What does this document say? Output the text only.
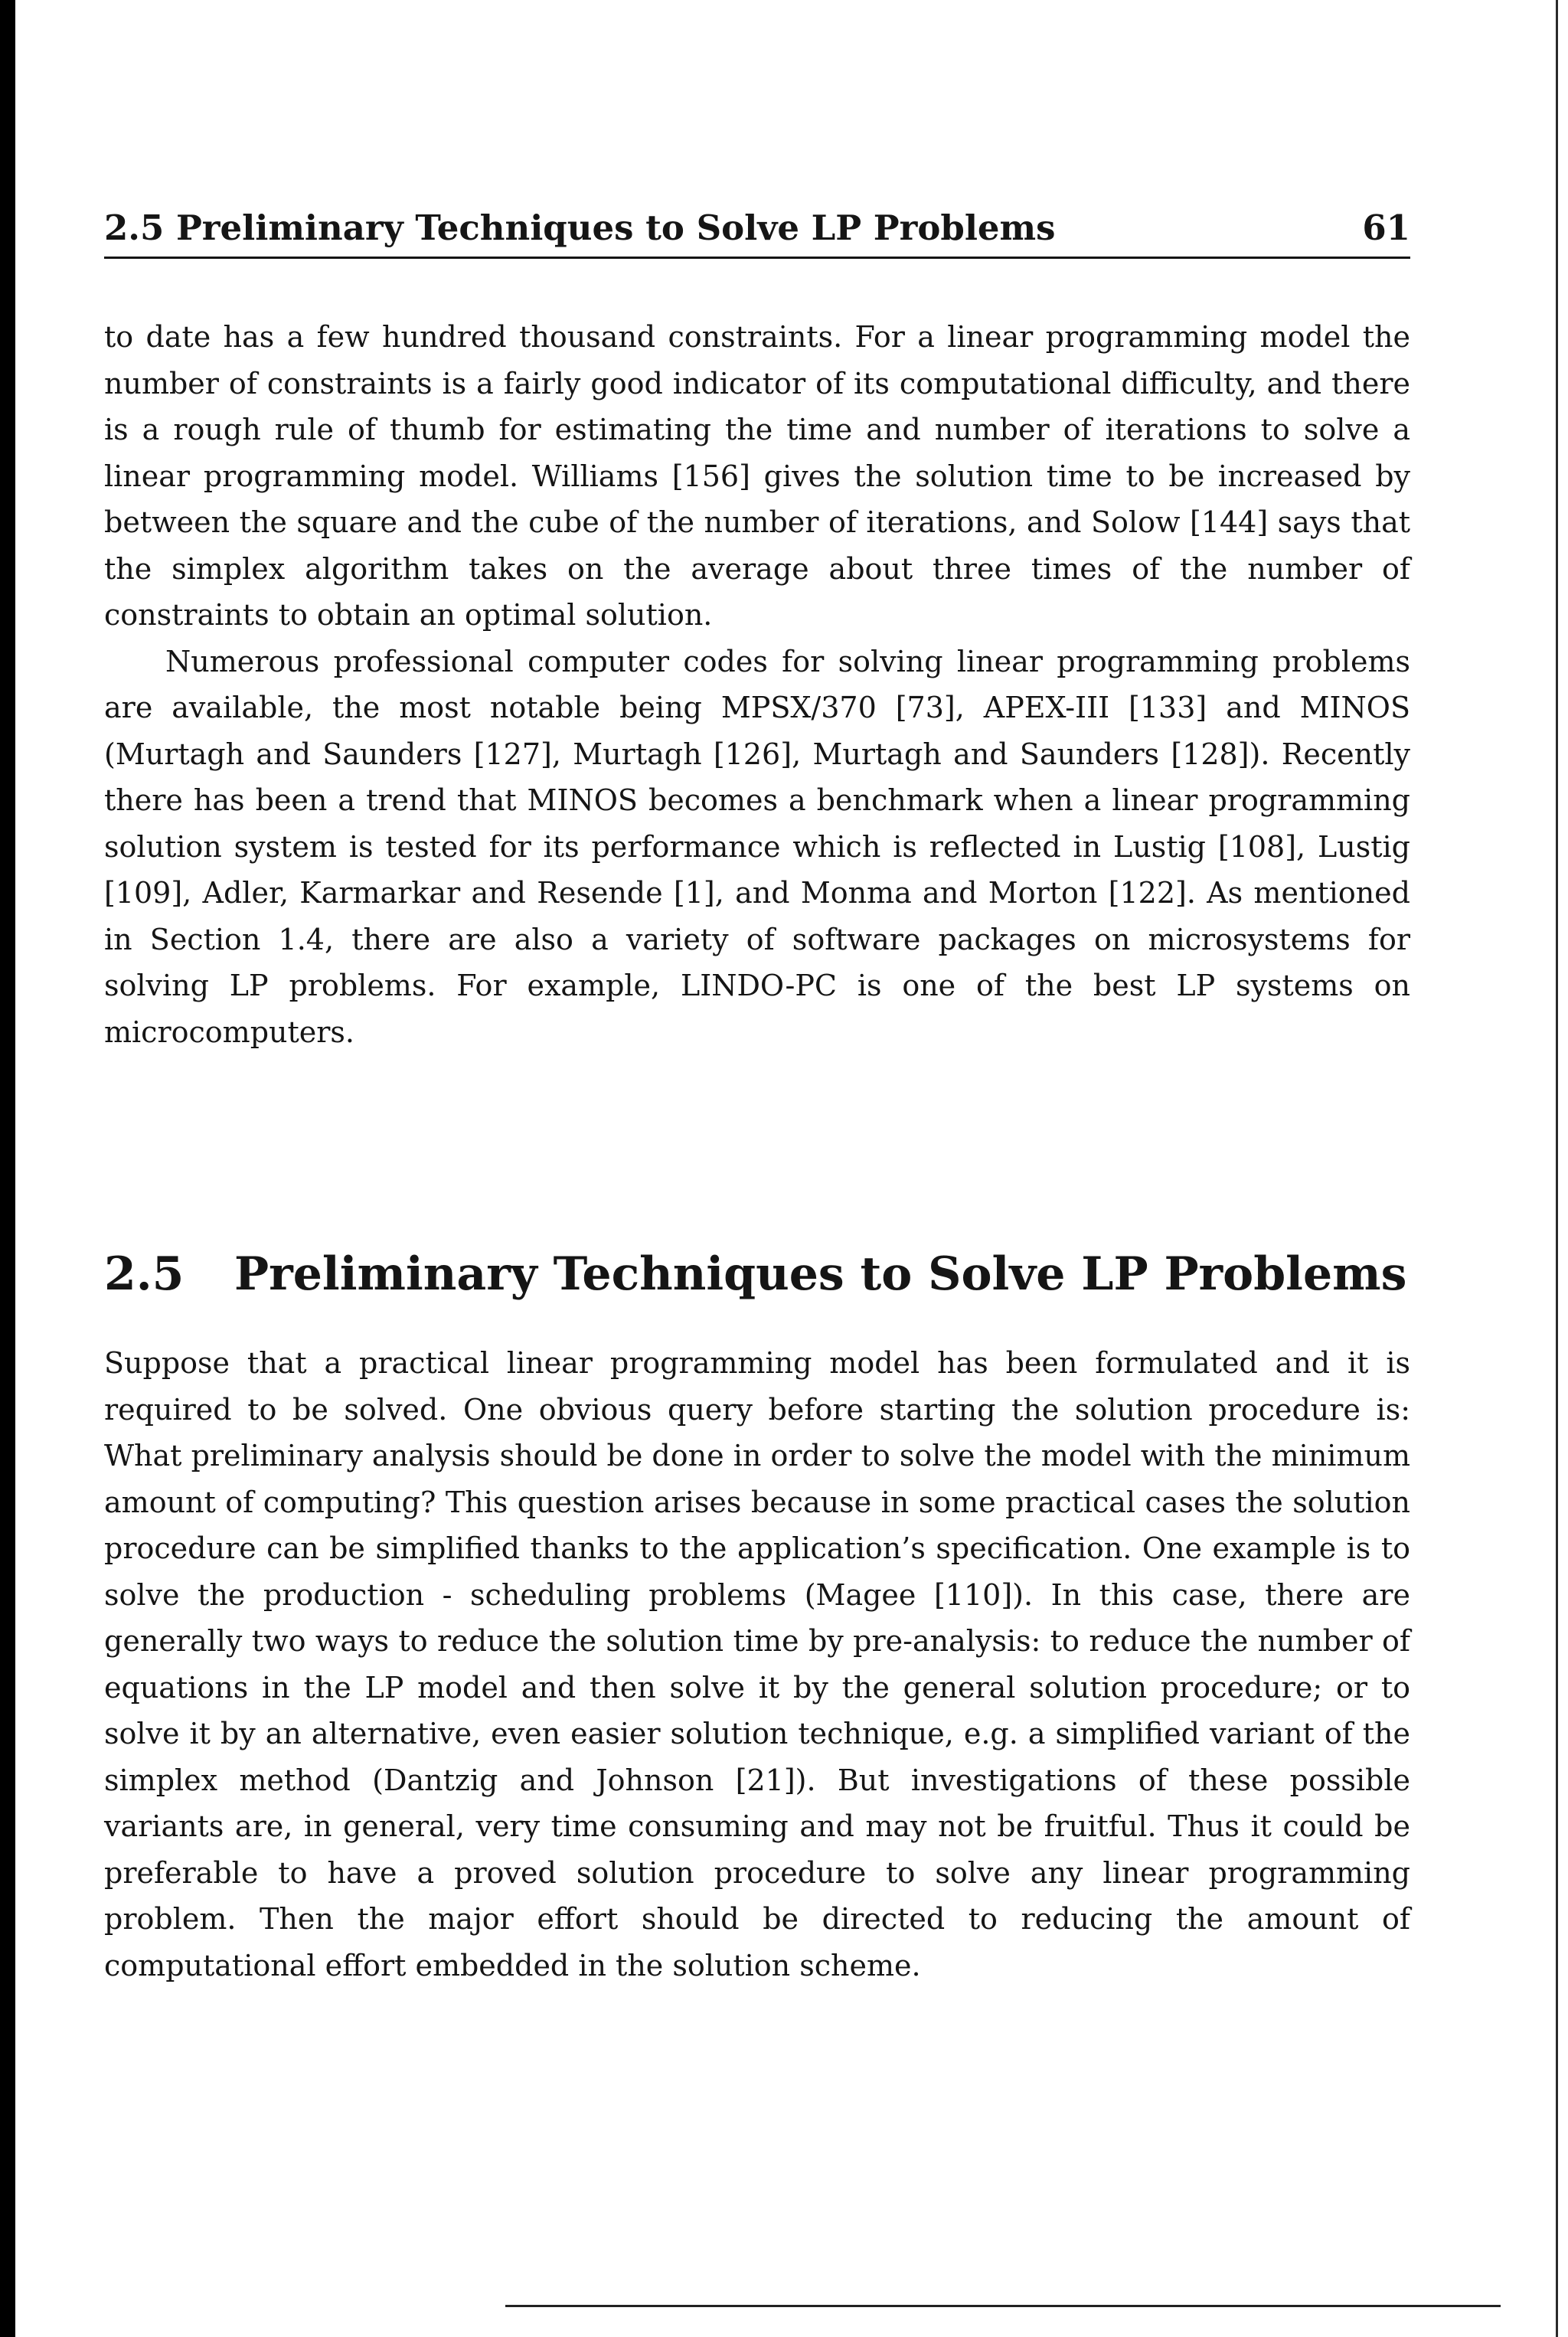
2.5 Preliminary Techniques to Solve LP Problems	61

to date has a few hundred thousand constraints. For a linear programming model the number of constraints is a fairly good indicator of its computational difficulty, and there is a rough rule of thumb for estimating the time and number of iterations to solve a linear programming model. Williams [156] gives the solution time to be increased by between the square and the cube of the number of iterations, and Solow [144] says that the simplex algorithm takes on the average about three times of the number of constraints to obtain an optimal solution.

Numerous professional computer codes for solving linear programming problems are available, the most notable being MPSX/370 [73], APEX-III [133] and MINOS (Murtagh and Saunders [127], Murtagh [126], Murtagh and Saunders [128]). Recently there has been a trend that MINOS becomes a benchmark when a linear programming solution system is tested for its performance which is reflected in Lustig [108], Lustig [109], Adler, Karmarkar and Resende [1], and Monma and Morton [122]. As mentioned in Section 1.4, there are also a variety of software packages on microsystems for solving LP problems. For example, LINDO-PC is one of the best LP systems on microcomputers.

2.5 Preliminary Techniques to Solve LP Problems

Suppose that a practical linear programming model has been formulated and it is required to be solved. One obvious query before starting the solution procedure is: What preliminary analysis should be done in order to solve the model with the minimum amount of computing? This question arises because in some practical cases the solution procedure can be simplified thanks to the application’s specification. One example is to solve the production - scheduling problems (Magee [110]). In this case, there are generally two ways to reduce the solution time by pre-analysis: to reduce the number of equations in the LP model and then solve it by the general solution procedure; or to solve it by an alternative, even easier solution technique, e.g. a simplified variant of the simplex method (Dantzig and Johnson [21]). But investigations of these possible variants are, in general, very time consuming and may not be fruitful. Thus it could be preferable to have a proved solution procedure to solve any linear programming problem. Then the major effort should be directed to reducing the amount of computational effort embedded in the solution scheme.
